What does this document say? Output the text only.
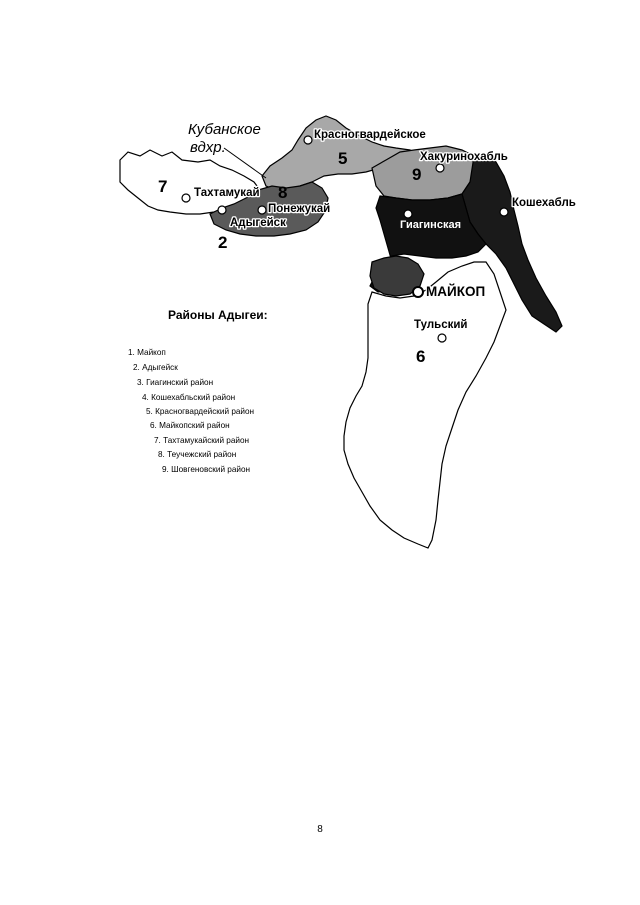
Кубанское
вдхр.
Красногвардейское
Хакуринохабль
Кошехабль
Тахтамукай
Понежукай
Адыгейск	Гиагинская
МАЙКОП
Тульский
7
2
8
5
9
6
Районы Адыгеи:
1. Майкоп
2. Адыгейск
3. Гиагинский район
4. Кошехабльский район
5. Красногвардейский район
6. Майкопский район
7. Тахтамукайский район
8. Теучежский район
9. Шовгеновский район
8
